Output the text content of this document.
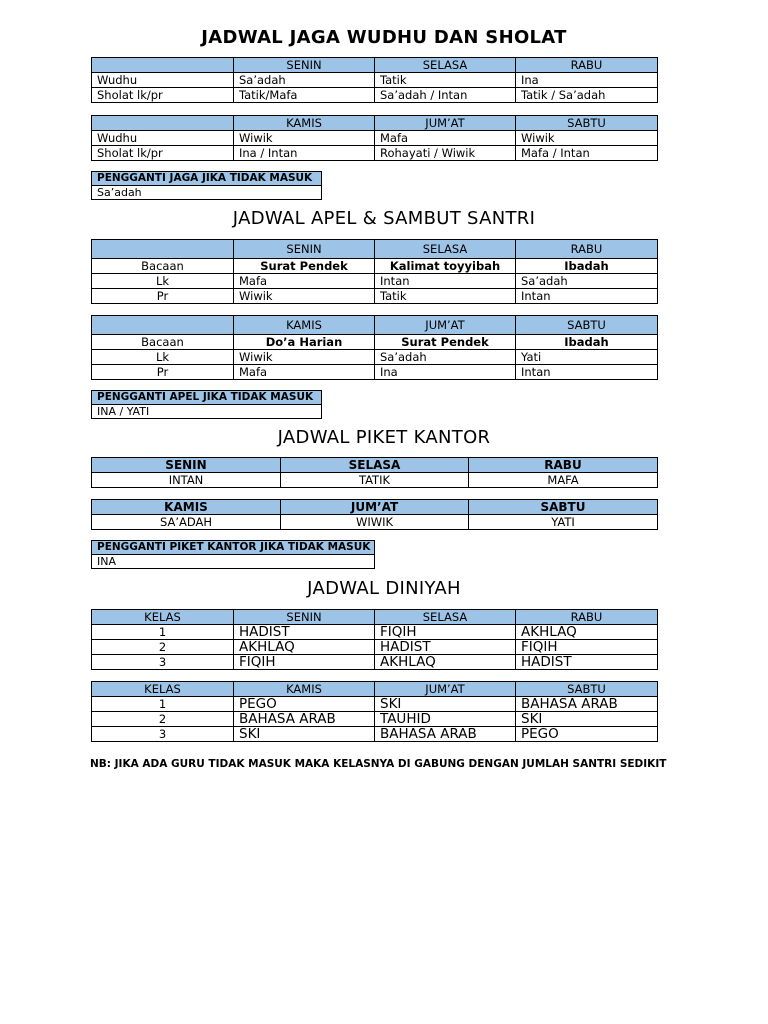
JADWAL JAGA WUDHU DAN SHOLAT
	SENIN	SELASA	RABU
Wudhu	Sa’adah	Tatik	Ina
Sholat lk/pr	Tatik/Mafa	Sa’adah / Intan	Tatik / Sa’adah
	KAMIS	JUM’AT	SABTU
Wudhu	Wiwik	Mafa	Wiwik
Sholat lk/pr	Ina / Intan	Rohayati / Wiwik	Mafa / Intan
PENGGANTI JAGA JIKA TIDAK MASUK
Sa’adah
JADWAL APEL & SAMBUT SANTRI
	SENIN	SELASA	RABU
Bacaan	Surat Pendek	Kalimat toyyibah	Ibadah
Lk	Mafa	Intan	Sa’adah
Pr	Wiwik	Tatik	Intan
	KAMIS	JUM’AT	SABTU
Bacaan	Do’a Harian	Surat Pendek	Ibadah
Lk	Wiwik	Sa’adah	Yati
Pr	Mafa	Ina	Intan
PENGGANTI APEL JIKA TIDAK MASUK
INA / YATI
JADWAL PIKET KANTOR
SENIN	SELASA	RABU
INTAN	TATIK	MAFA
KAMIS	JUM’AT	SABTU
SA’ADAH	WIWIK	YATI
PENGGANTI PIKET KANTOR JIKA TIDAK MASUK
INA
JADWAL DINIYAH
KELAS	SENIN	SELASA	RABU
1	HADIST	FIQIH	AKHLAQ
2	AKHLAQ	HADIST	FIQIH
3	FIQIH	AKHLAQ	HADIST
KELAS	KAMIS	JUM’AT	SABTU
1	PEGO	SKI	BAHASA ARAB
2	BAHASA ARAB	TAUHID	SKI
3	SKI	BAHASA ARAB	PEGO
NB: JIKA ADA GURU TIDAK MASUK MAKA KELASNYA DI GABUNG DENGAN JUMLAH SANTRI SEDIKIT
